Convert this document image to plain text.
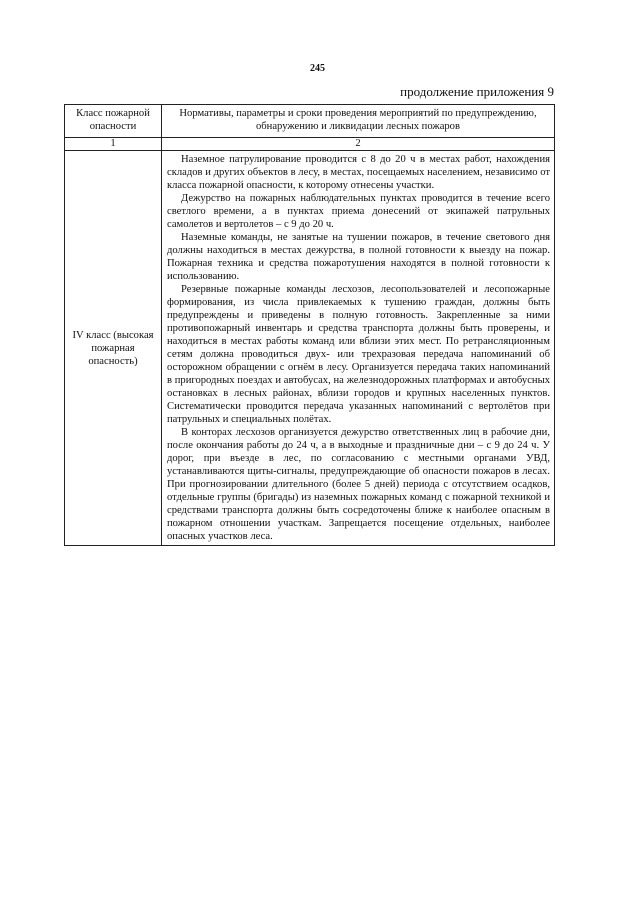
245
продолжение приложения 9
Класс пожарной опасности	Нормативы, параметры и сроки проведения мероприятий по предупреждению, обнаружению и ликвидации лесных пожаров
1	2
IV класс (высокая пожарная опасность)	Наземное патрулирование проводится с 8 до 20 ч в местах работ, нахождения складов и других объектов в лесу, в местах, посещаемых населением, независимо от класса пожарной опасности, к которому отнесены участки.

Дежурство на пожарных наблюдательных пунктах проводится в течение всего светлого времени, а в пунктах приема донесений от экипажей патрульных самолетов и вертолетов – с 9 до 20 ч.

Наземные команды, не занятые на тушении пожаров, в течение светового дня должны находиться в местах дежурства, в полной готовности к выезду на пожар. Пожарная техника и средства пожаротушения находятся в полной готовности к использованию.

Резервные пожарные команды лесхозов, лесопользователей и лесопожарные формирования, из числа привлекаемых к тушению граждан, должны быть предупреждены и приведены в полную готовность. Закрепленные за ними противопожарный инвентарь и средства транспорта должны быть проверены, и находиться в местах работы команд или вблизи этих мест. По ретрансляционным сетям должна проводиться двух- или трехразовая передача напоминаний об осторожном обращении с огнём в лесу. Организуется передача таких напоминаний в пригородных поездах и автобусах, на железнодорожных платформах и автобусных остановках в лесных районах, вблизи городов и крупных населенных пунктов. Систематически проводится передача указанных напоминаний с вертолётов при патрульных и специальных полётах.

В конторах лесхозов организуется дежурство ответственных лиц в рабочие дни, после окончания работы до 24 ч, а в выходные и праздничные дни – с 9 до 24 ч. У дорог, при въезде в лес, по согласованию с местными органами УВД, устанавливаются щиты-сигналы, предупреждающие об опасности пожаров в лесах. При прогнозировании длительного (более 5 дней) периода с отсутствием осадков, отдельные группы (бригады) из наземных пожарных команд с пожарной техникой и средствами транспорта должны быть сосредоточены ближе к наиболее опасным в пожарном отношении участкам. Запрещается посещение отдельных, наиболее опасных участков леса.
